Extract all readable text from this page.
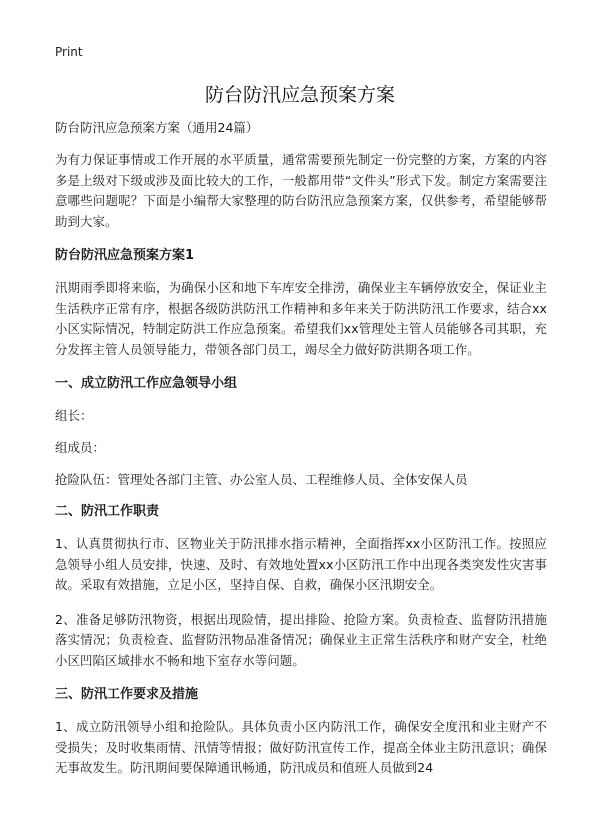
Print
防台防汛应急预案方案
防台防汛应急预案方案（通用24篇）

为有力保证事情或工作开展的水平质量，通常需要预先制定一份完整的方案，方案的内容多是上级对下级或涉及面比较大的工作，一般都用带“文件头”形式下发。制定方案需要注意哪些问题呢？下面是小编帮大家整理的防台防汛应急预案方案，仅供参考，希望能够帮助到大家。

防台防汛应急预案方案1

汛期雨季即将来临，为确保小区和地下车库安全排涝，确保业主车辆停放安全，保证业主生活秩序正常有序，根据各级防洪防汛工作精神和多年来关于防洪防汛工作要求，结合xx小区实际情况，特制定防洪工作应急预案。希望我们xx管理处主管人员能够各司其职，充分发挥主管人员领导能力，带领各部门员工，竭尽全力做好防洪期各项工作。

一、成立防汛工作应急领导小组
组长：
组成员：
抢险队伍：管理处各部门主管、办公室人员、工程维修人员、全体安保人员
二、防汛工作职责

1、认真贯彻执行市、区物业关于防汛排水指示精神，全面指挥xx小区防汛工作。按照应急领导小组人员安排，快速、及时、有效地处置xx小区防汛工作中出现各类突发性灾害事故。采取有效措施，立足小区，坚持自保、自救，确保小区汛期安全。

2、准备足够防汛物资，根据出现险情，提出排险、抢险方案。负责检查、监督防汛措施落实情况；负责检查、监督防汛物品准备情况；确保业主正常生活秩序和财产安全，杜绝小区凹陷区域排水不畅和地下室存水等问题。

三、防汛工作要求及措施

1、成立防汛领导小组和抢险队。具体负责小区内防汛工作，确保安全度汛和业主财产不受损失；及时收集雨情、汛情等情报；做好防汛宣传工作，提高全体业主防汛意识；确保无事故发生。防汛期间要保障通讯畅通，防汛成员和值班人员做到24
